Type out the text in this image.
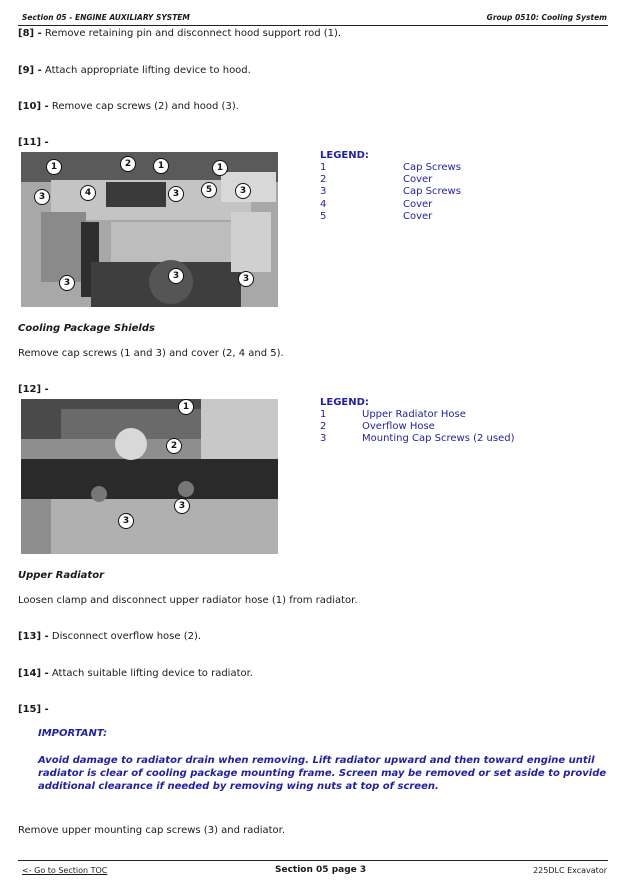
Section 05 - ENGINE AUXILIARY SYSTEM	Group 0510: Cooling System
[8] - Remove retaining pin and disconnect hood support rod (1).
[9] - Attach appropriate lifting device to hood.
[10] - Remove cap screws (2) and hood (3).
[11] -
1	2	1	1
3	4	3	5	3
3
3	3
LEGEND:
1	Cap Screws
2	Cover
3	Cap Screws
4	Cover
5	Cover
Cooling Package Shields
Remove cap screws (1 and 3) and cover (2, 4 and 5).
[12] -
1
2
3
3
LEGEND:
1	Upper Radiator Hose
2	Overflow Hose
3	Mounting Cap Screws (2 used)
Upper Radiator
Loosen clamp and disconnect upper radiator hose (1) from radiator.
[13] - Disconnect overflow hose (2).
[14] - Attach suitable lifting device to radiator.
[15] -
IMPORTANT:
Avoid damage to radiator drain when removing. Lift radiator upward and then toward engine until
radiator is clear of cooling package mounting frame. Screen may be removed or set aside to provide
additional clearance if needed by removing wing nuts at top of screen.
Remove upper mounting cap screws (3) and radiator.
<- Go to Section TOC	Section 05 page 3	225DLC Excavator
